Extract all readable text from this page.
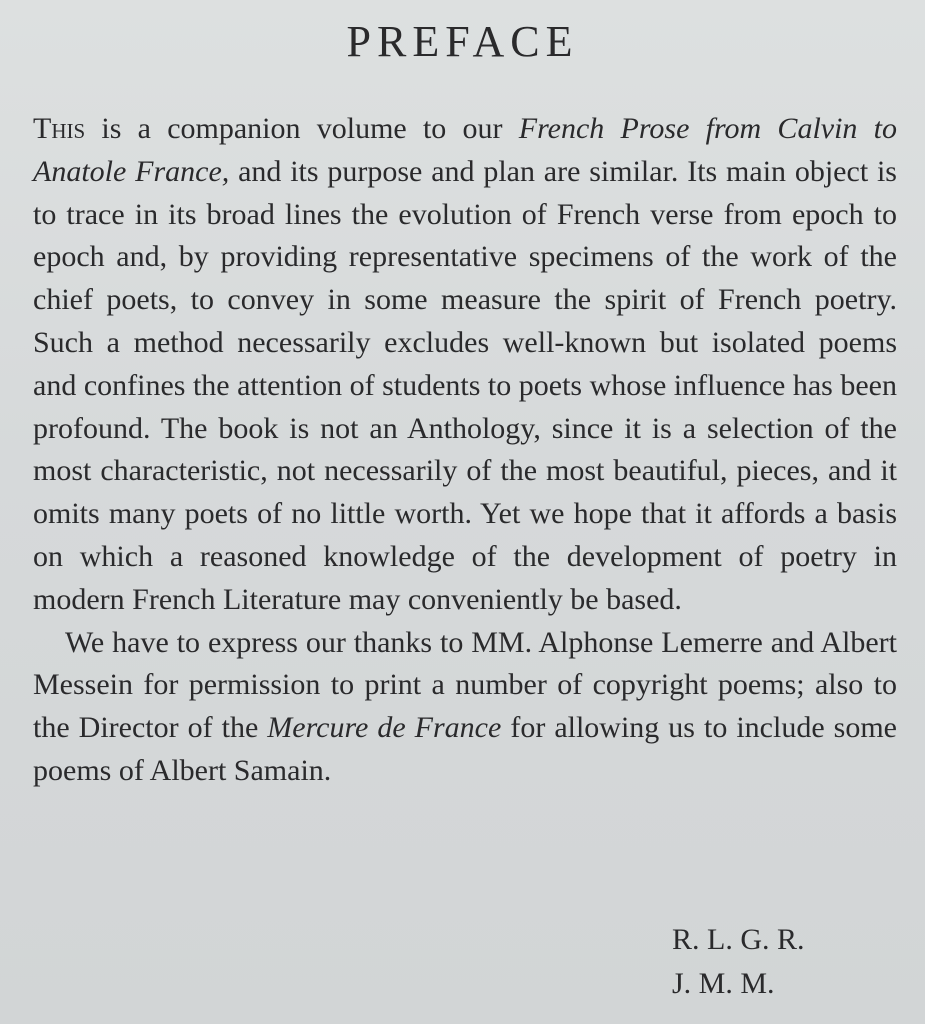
PREFACE

This is a companion volume to our French Prose from Calvin to Anatole France, and its purpose and plan are similar. Its main object is to trace in its broad lines the evolution of French verse from epoch to epoch and, by providing representative specimens of the work of the chief poets, to convey in some measure the spirit of French poetry. Such a method necessarily excludes well-known but isolated poems and confines the attention of students to poets whose influence has been profound. The book is not an Anthology, since it is a selection of the most characteristic, not necessarily of the most beautiful, pieces, and it omits many poets of no little worth. Yet we hope that it affords a basis on which a reasoned knowledge of the development of poetry in modern French Literature may conveniently be based.

We have to express our thanks to MM. Alphonse Lemerre and Albert Messein for permission to print a number of copyright poems; also to the Director of the Mercure de France for allowing us to include some poems of Albert Samain.

R. L. G. R.
J. M. M.
